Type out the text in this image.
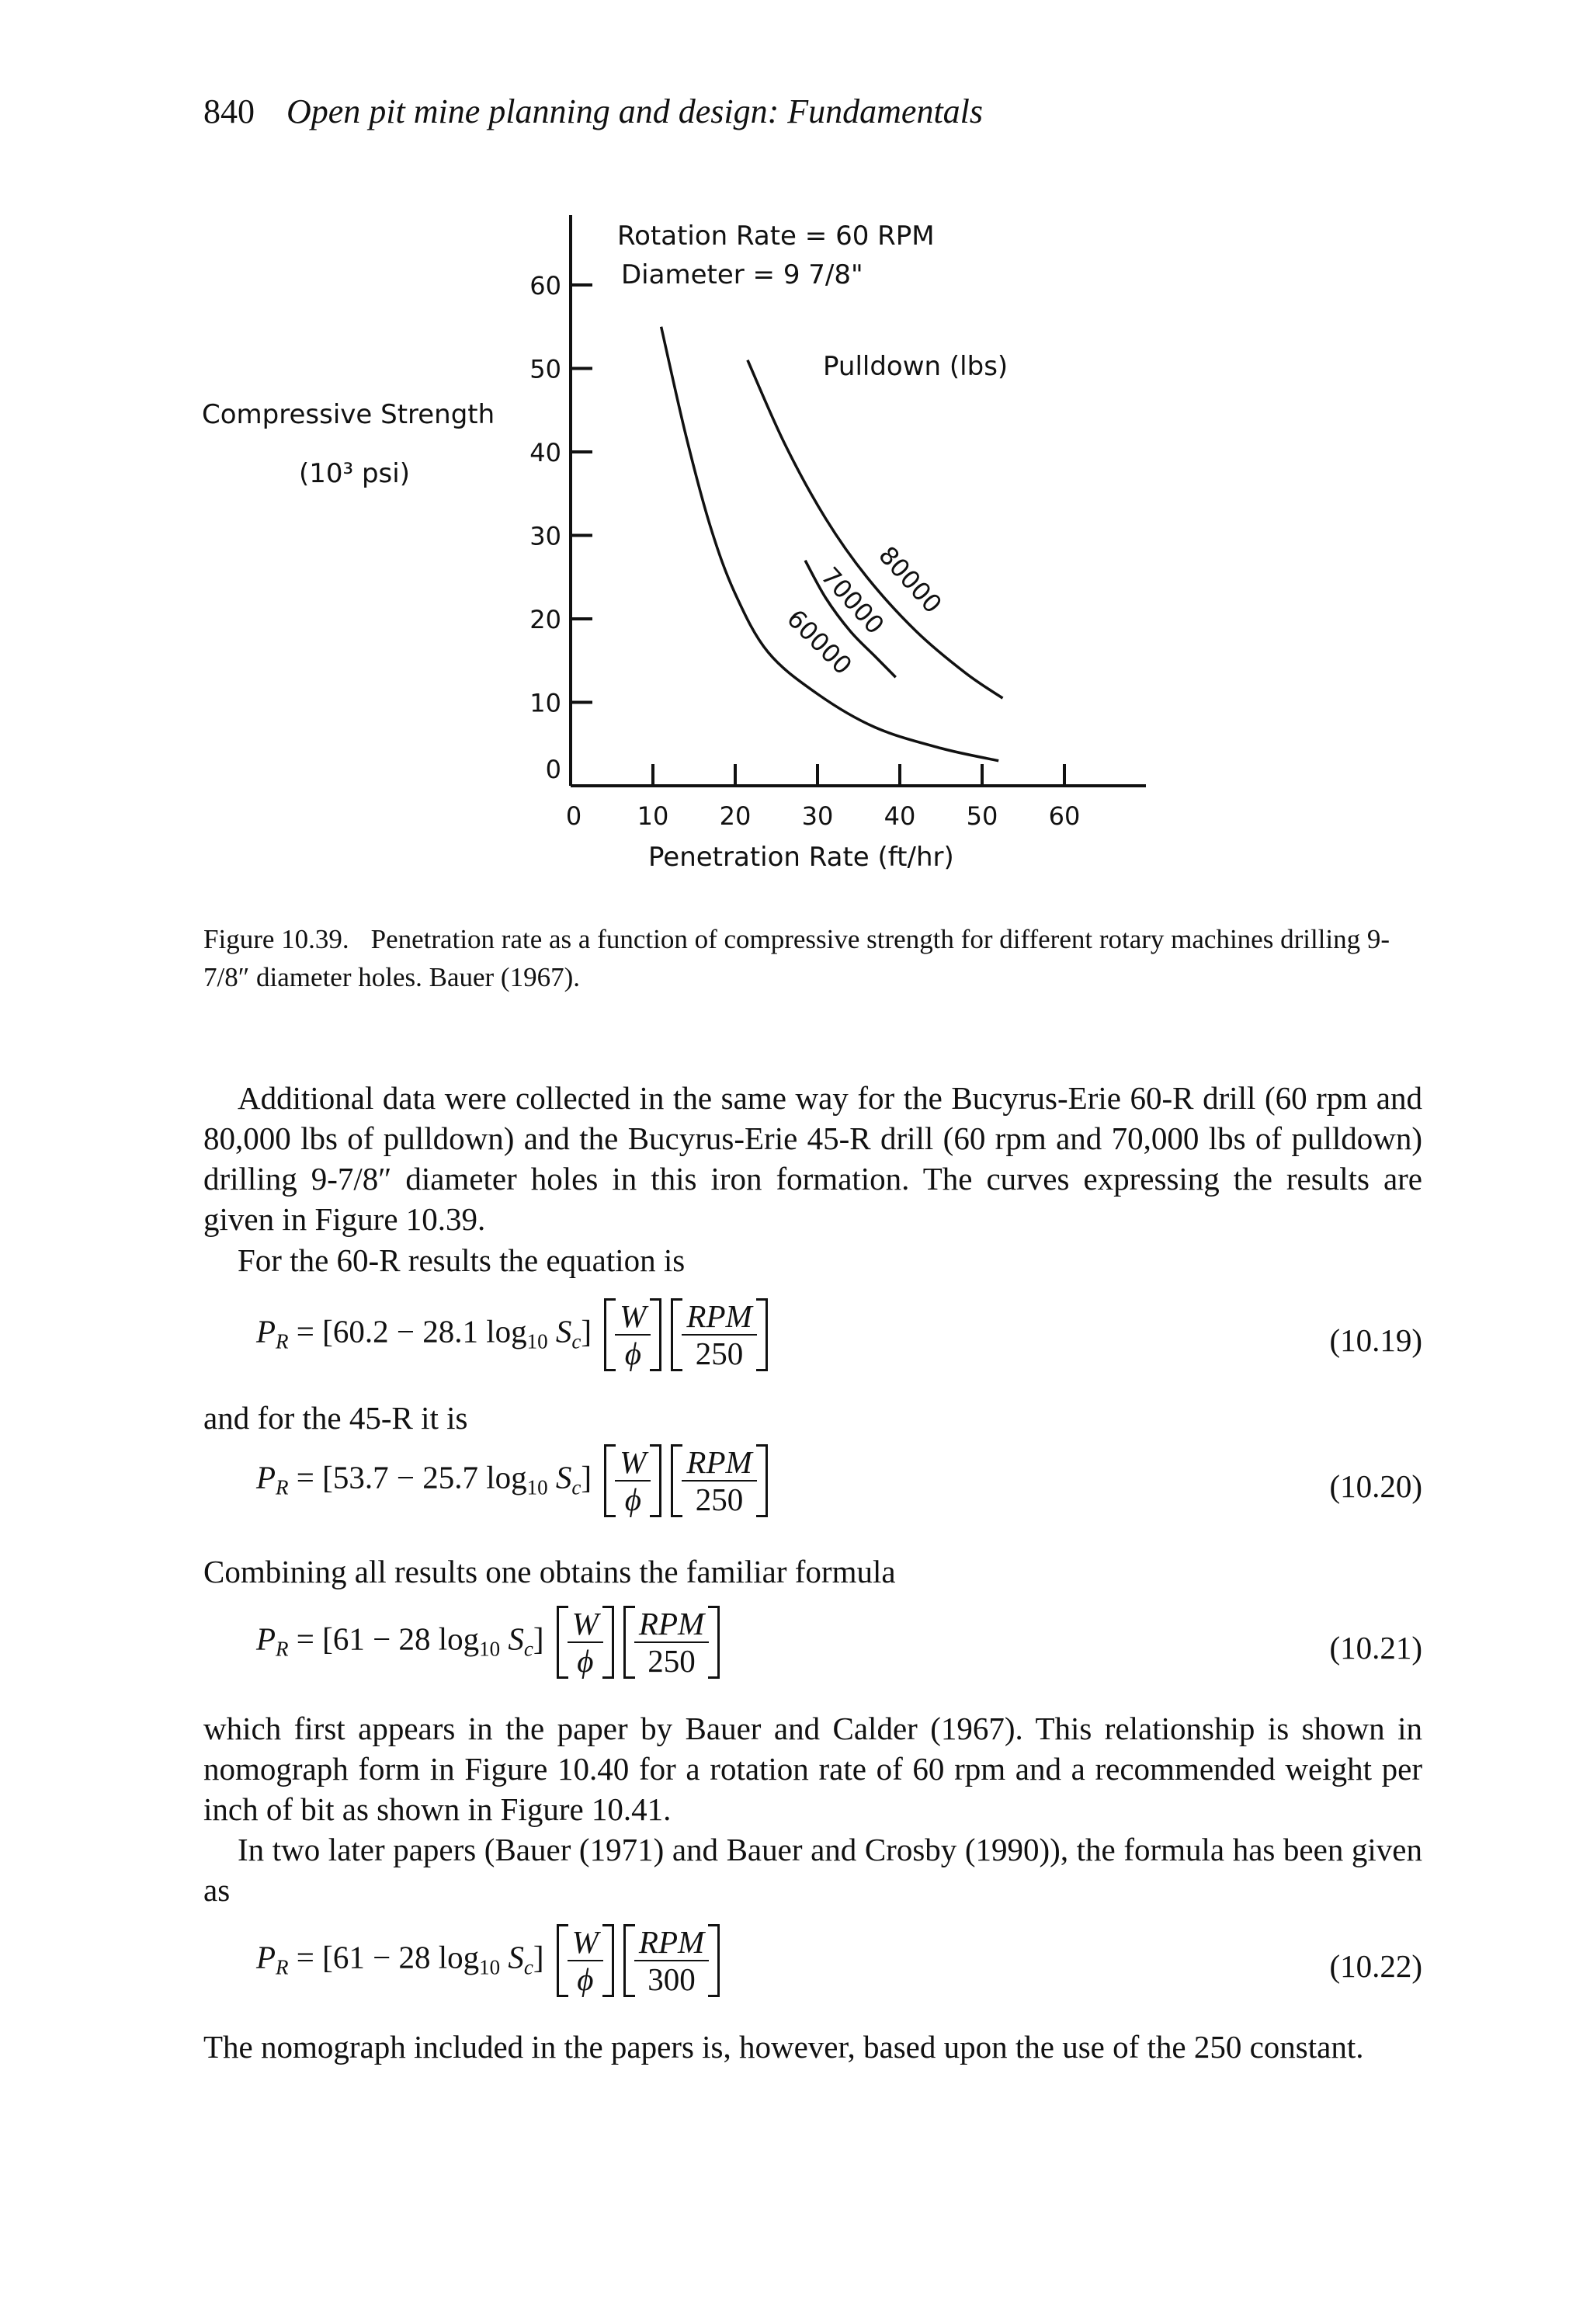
840 Open pit mine planning and design: Fundamentals
0
10
20
30
40
50
60
0 10 20 30 40 50 60
60000
70000
80000
Compressive Strength
(10³ psi)
Penetration Rate (ft/hr)
Rotation Rate = 60 RPM
Diameter = 9 7/8"
Pulldown (lbs)
Figure 10.39. Penetration rate as a function of compressive strength for different rotary machines drilling 9-7/8″ diameter holes. Bauer (1967).
Additional data were collected in the same way for the Bucyrus-Erie 60-R drill (60 rpm and 80,000 lbs of pulldown) and the Bucyrus-Erie 45-R drill (60 rpm and 70,000 lbs of pulldown) drilling 9-7/8″ diameter holes in this iron formation. The curves expressing the results are given in Figure 10.39.
For the 60-R results the equation is
$P_R = [60.2 - 28.1$ $\log_{10} S_c] \frac{W}{\phi} \frac{\text{RPM}}{250}$	(10.19)
and for the 45-R it is
$P_R = [53.7 - 25.7$ $\log_{10} S_c] \frac{W}{\phi} \frac{\text{RPM}}{250}$	(10.20)
Combining all results one obtains the familiar formula
$P_R = [61 - 28$ $\log_{10} S_c] \frac{W}{\phi} \frac{\text{RPM}}{250}$	(10.21)
which first appears in the paper by Bauer and Calder (1967). This relationship is shown in nomograph form in Figure 10.40 for a rotation rate of 60 rpm and a recommended weight per inch of bit as shown in Figure 10.41.
In two later papers (Bauer (1971) and Bauer and Crosby (1990)), the formula has been given as
$P_R = [61 - 28$ $\log_{10} S_c] \frac{W}{\phi} \frac{\text{RPM}}{300}$	(10.22)
The nomograph included in the papers is, however, based upon the use of the 250 constant.
